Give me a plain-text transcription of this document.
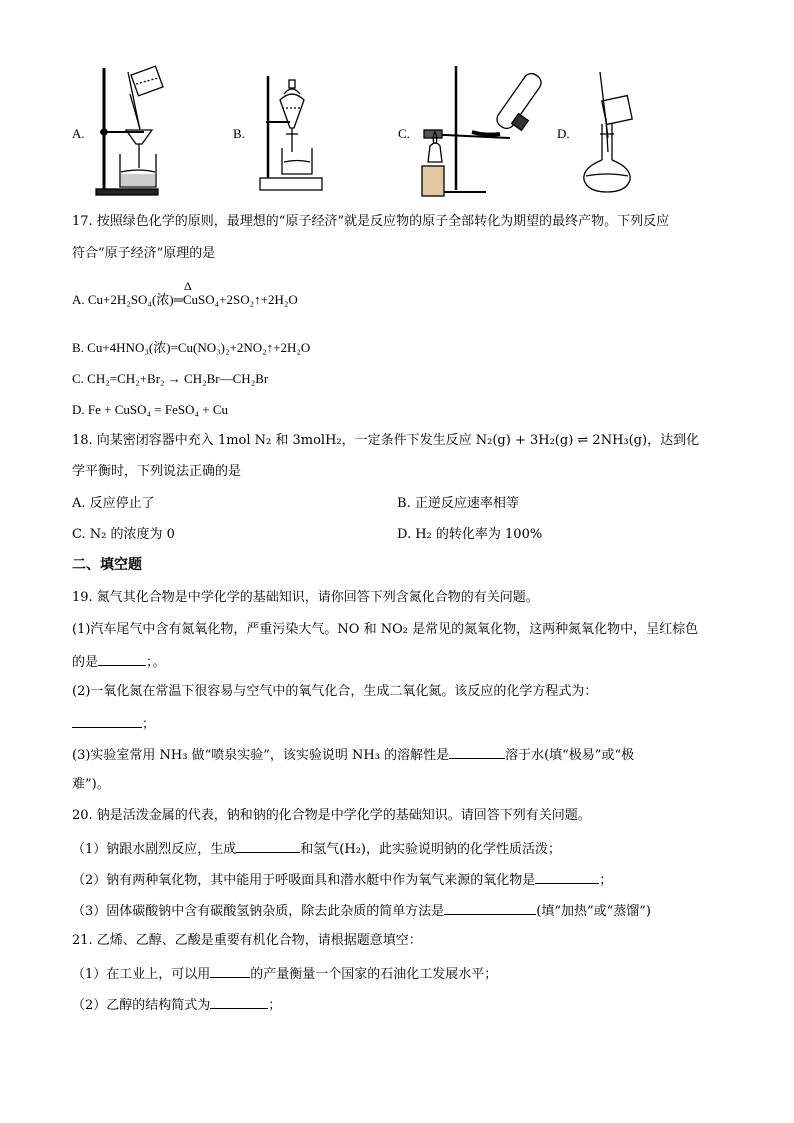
A.	B.	C.	D.
17. 按照绿色化学的原则，最理想的“原子经济”就是反应物的原子全部转化为期望的最终产物。下列反应
符合“原子经济”原理的是
Δ
A. Cu+2H₂SO₄(浓)═CuSO₄+2SO₂↑+2H₂O
B. Cu+4HNO₃(浓)=Cu(NO₃)₂+2NO₂↑+2H₂O
C. CH₂=CH₂+Br₂ → CH₂Br—CH₂Br
D. Fe + CuSO₄ = FeSO₄ + Cu
18. 向某密闭容器中充入 1mol N₂ 和 3molH₂，一定条件下发生反应 N₂(g) + 3H₂(g) ⇌ 2NH₃(g)，达到化
学平衡时，下列说法正确的是
A. 反应停止了	B. 正逆反应速率相等
C. N₂ 的浓度为 0	D. H₂ 的转化率为 100%
二、填空题
19. 氮气其化合物是中学化学的基础知识，请你回答下列含氮化合物的有关问题。
(1)汽车尾气中含有氮氧化物，严重污染大气。NO 和 NO₂ 是常见的氮氧化物，这两种氮氧化物中，呈红棕色
的是	；。
(2)一氧化氮在常温下很容易与空气中的氧气化合，生成二氧化氮。该反应的化学方程式为：
；
(3)实验室常用 NH₃ 做“喷泉实验”，该实验说明 NH₃ 的溶解性是	溶于水(填“极易”或“极
难”)。
20. 钠是活泼金属的代表，钠和钠的化合物是中学化学的基础知识。请回答下列有关问题。
（1）钠跟水剧烈反应，生成	和氢气(H₂)，此实验说明钠的化学性质活泼；
（2）钠有两种氧化物，其中能用于呼吸面具和潜水艇中作为氧气来源的氧化物是	；
（3）固体碳酸钠中含有碳酸氢钠杂质，除去此杂质的简单方法是	(填“加热”或“蒸馏”)
21. 乙烯、乙醇、乙酸是重要有机化合物，请根据题意填空：
（1）在工业上，可以用	的产量衡量一个国家的石油化工发展水平；
（2）乙醇的结构简式为	；
